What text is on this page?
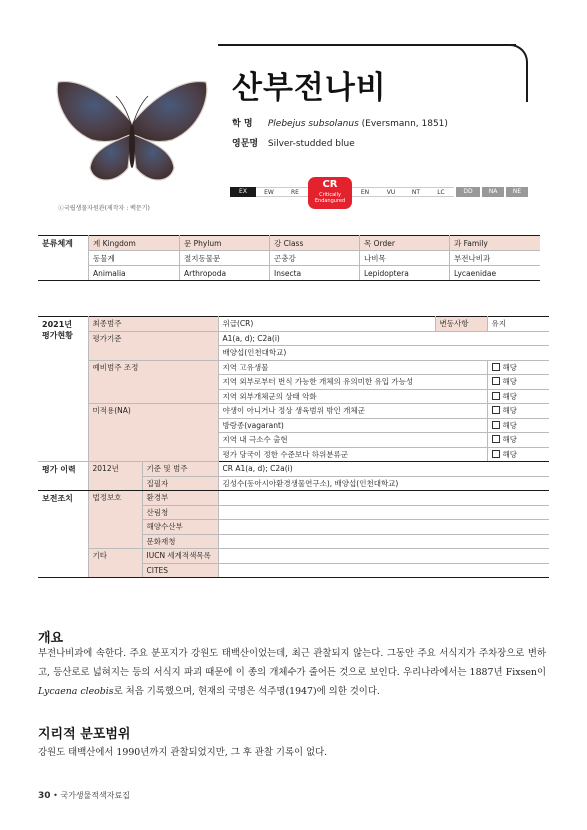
ⓒ국립생물자원관(제작자 : 백문기)
산부전나비
학 명 Plebejus subsolanus (Eversmann, 1851)
영문명 Silver-studded blue
EX	EW	RE
CR
Critically Endangured
EN	VU	NT	LC	DD	NA	NE
분류체계	계 Kingdom	문 Phylum	강 Class	목 Order	과 Family
	동물계	절지동물문	곤충강	나비목	부전나비과
	Animalia	Arthropoda	Insecta	Lepidoptera	Lycaenidae
2021년
평가현황	최종범주		위급(CR)	변동사항	유지
	평가기준		A1(a, d); C2a(i)		
			배양섭(인천대학교)		
	예비범주 조정		지역 고유생물		해당
			지역 외부로부터 번식 가능한 개체의 유의미한 유입 가능성		해당
			지역 외부개체군의 상태 악화		해당
	미적용(NA)		야생이 아니거나 정상 생육범위 밖인 개체군		해당
			방랑종(vagarant)		해당
			지역 내 극소수 출현		해당
			평가 당국이 정한 수준보다 하위분류군		해당
평가 이력	2012년	기준 및 범주	CR A1(a, d); C2a(i)		
		집필자	김성수(동아시아환경생물연구소), 배양섭(인천대학교)		
보전조치	법정보호	환경부			
		산림청			
		해양수산부			
		문화재청			
	기타	IUCN 세계적색목록			
		CITES			
개요
부전나비과에 속한다. 주요 분포지가 강원도 태백산이었는데, 최근 관찰되지 않는다. 그동안 주요 서식지가 주차장으로 변하고, 등산로로 넓혀지는 등의 서식지 파괴 때문에 이 종의 개체수가 줄어든 것으로 보인다. 우리나라에서는 1887년 Fixsen이 Lycaena cleobis로 처음 기록했으며, 현재의 국명은 석주명(1947)에 의한 것이다.
지리적 분포범위
강원도 태백산에서 1990년까지 관찰되었지만, 그 후 관찰 기록이 없다.
30 • 국가생물적색자료집
